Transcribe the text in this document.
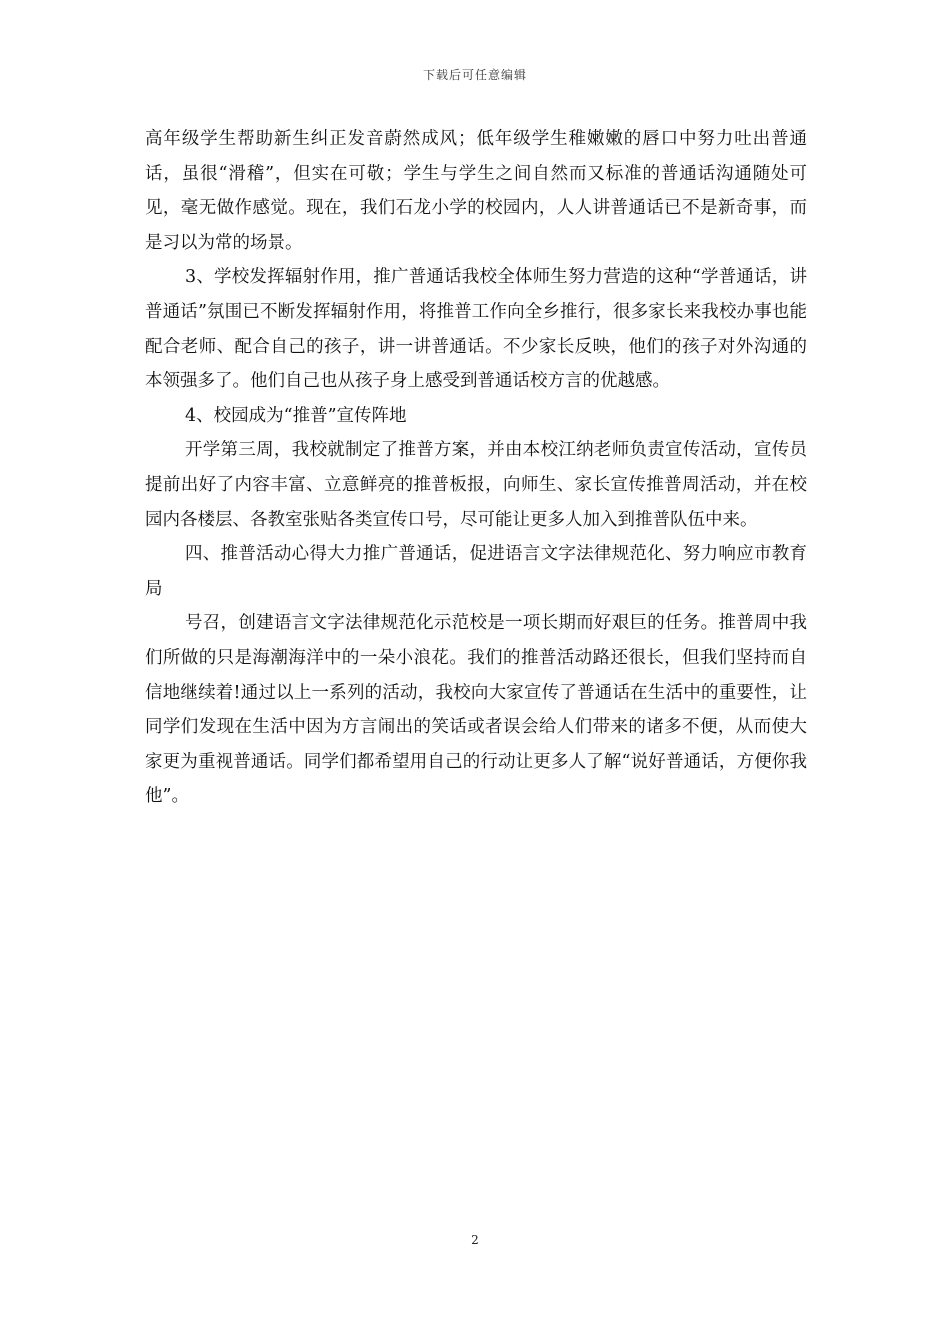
下载后可任意编辑

高年级学生帮助新生纠正发音蔚然成风；低年级学生稚嫩嫩的唇口中努力吐出普通话，虽很“滑稽”，但实在可敬；学生与学生之间自然而又标准的普通话沟通随处可见，毫无做作感觉。现在，我们石龙小学的校园内，人人讲普通话已不是新奇事，而是习以为常的场景。

3、学校发挥辐射作用，推广普通话我校全体师生努力营造的这种“学普通话，讲普通话”氛围已不断发挥辐射作用，将推普工作向全乡推行，很多家长来我校办事也能配合老师、配合自己的孩子，讲一讲普通话。不少家长反映，他们的孩子对外沟通的本领强多了。他们自己也从孩子身上感受到普通话校方言的优越感。

4、校园成为“推普”宣传阵地

开学第三周，我校就制定了推普方案，并由本校江纳老师负责宣传活动，宣传员提前出好了内容丰富、立意鲜亮的推普板报，向师生、家长宣传推普周活动，并在校园内各楼层、各教室张贴各类宣传口号，尽可能让更多人加入到推普队伍中来。

四、推普活动心得大力推广普通话，促进语言文字法律规范化、努力响应市教育局

号召，创建语言文字法律规范化示范校是一项长期而好艰巨的任务。推普周中我们所做的只是海潮海洋中的一朵小浪花。我们的推普活动路还很长，但我们坚持而自信地继续着!通过以上一系列的活动，我校向大家宣传了普通话在生活中的重要性，让同学们发现在生活中因为方言闹出的笑话或者误会给人们带来的诸多不便，从而使大家更为重视普通话。同学们都希望用自己的行动让更多人了解“说好普通话，方便你我他”。

2
